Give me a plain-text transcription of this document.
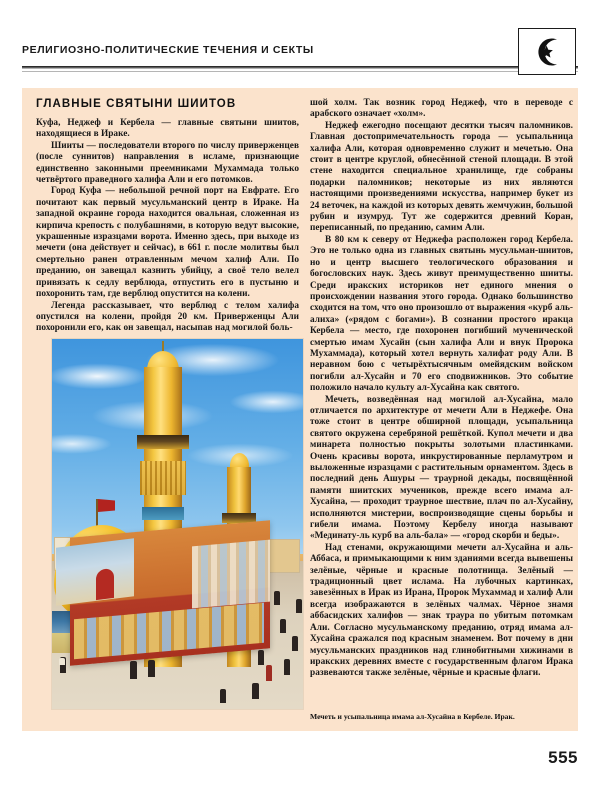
РЕЛИГИОЗНО-ПОЛИТИЧЕСКИЕ ТЕЧЕНИЯ И СЕКТЫ
ГЛАВНЫЕ СВЯТЫНИ ШИИТОВ

Куфа, Неджеф и Кербела — главные святыни шиитов, находящиеся в Ираке.

Шииты — последователи второго по числу приверженцев (после суннитов) направления в исламе, признающие единственно законными преемниками Мухаммада только четвёртого праведного халифа Али и его потомков.

Город Куфа — небольшой речной порт на Евфрате. Его почитают как первый мусульманский центр в Ираке. На западной окраине города находится овальная, сложенная из кирпича крепость с полубашнями, в которую ведут высокие, украшенные изразцами ворота. Именно здесь, при выходе из мечети (она действует и сейчас), в 661 г. после молитвы был смертельно ранен отравленным мечом халиф Али. По преданию, он завещал казнить убийцу, а своё тело велел привязать к седлу верблюда, отпустить его в пустыню и похоронить там, где верблюд опустится на колени.

Легенда рассказывает, что верблюд с телом халифа опустился на колени, пройдя 20 км. Приверженцы Али похоронили его, как он завещал, насыпав над могилой боль-

шой холм. Так возник город Неджеф, что в переводе с арабского означает «холм».

Неджеф ежегодно посещают десятки тысяч паломников. Главная достопримечательность города — усыпальница халифа Али, которая одновременно служит и мечетью. Она стоит в центре круглой, обнесённой стеной площади. В этой стене находится специальное хранилище, где собраны подарки паломников; некоторые из них являются настоящими произведениями искусства, например букет из 24 веточек, на каждой из которых девять жемчужин, большой рубин и изумруд. Тут же содержится древний Коран, переписанный, по преданию, самим Али.

В 80 км к северу от Неджефа расположен город Кербела. Это не только одна из главных святынь мусульман-шиитов, но и центр высшего теологического образования и богословских наук. Здесь живут преимущественно шииты. Среди иракских историков нет единого мнения о происхождении названия этого города. Однако большинство сходится на том, что оно произошло от выражения «курб аль-алиха» («рядом с богами»). В сознании простого иракца Кербела — место, где похоронен погибший мученической смертью имам Хусайн (сын халифа Али и внук Пророка Мухаммада), который хотел вернуть халифат роду Али. В неравном бою с четырёхтысячным омейядским войском погибли ал-Хусайн и 70 его сподвижников. Это событие положило начало культу ал-Хусайна как святого.

Мечеть, возведённая над могилой ал-Хусайна, мало отличается по архитектуре от мечети Али в Неджефе. Она тоже стоит в центре обширной площади, усыпальница святого окружена серебряной решёткой. Купол мечети и два минарета полностью покрыты золотыми пластинками. Очень красивы ворота, инкрустированные перламутром и выложенные изразцами с растительным орнаментом. Здесь в последний день Ашуры — траурной декады, посвящённой памяти шиитских мучеников, прежде всего имама ал-Хусайна, — проходит траурное шествие, плач по ал-Хусайну, исполняются мистерии, воспроизводящие сцены борьбы и гибели имама. Поэтому Кербелу иногда называют «Мединату-ль курб ва аль-бала» — «город скорби и беды».

Над стенами, окружающими мечети ал-Хусайна и аль-Аббаса, и примыкающими к ним зданиями всегда вывешены зелёные, чёрные и красные полотнища. Зелёный — традиционный цвет ислама. На лубочных картинках, завезённых в Ирак из Ирана, Пророк Мухаммад и халиф Али всегда изображаются в зелёных чалмах. Чёрное знамя аббасидских халифов — знак траура по убитым потомкам Али. Согласно мусульманскому преданию, отряд имама ал-Хусайна сражался под красным знаменем. Вот почему в дни мусульманских праздников над глинобитными хижинами в иракских деревнях вместе с государственным флагом Ирака развеваются также зелёные, чёрные и красные флаги.

Мечеть и усыпальница имама ал-Хусайна в Кербеле. Ирак.
555
